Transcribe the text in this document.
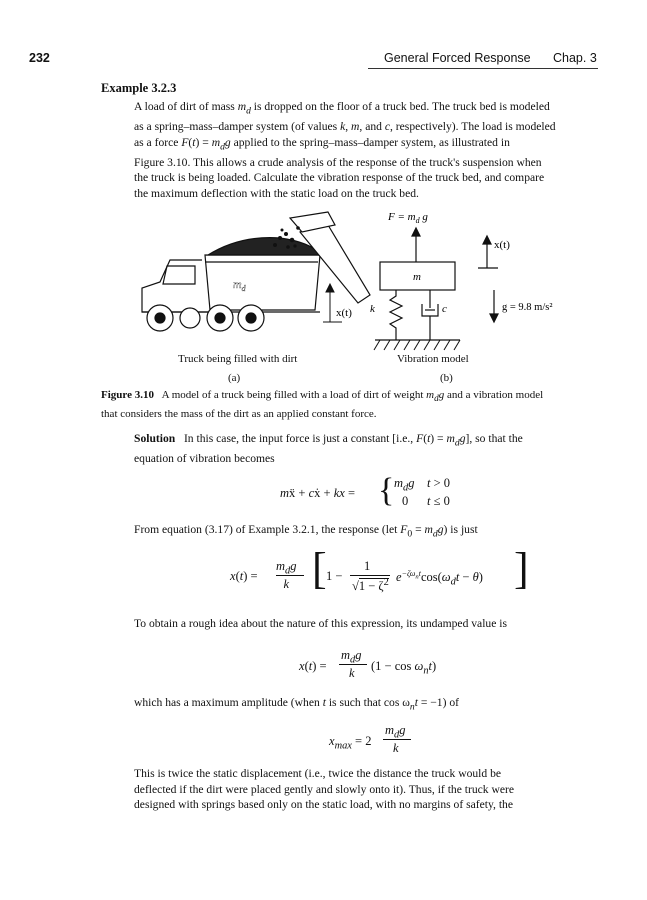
232	General Forced Response Chap. 3
Example 3.2.3
A load of dirt of mass $m_d$ is dropped on the floor of a truck bed. The truck bed is modeled
as a spring–mass–damper system (of values k, m, and c, respectively). The load is modeled
as a force $F(t) = m_dg$ applied to the spring–mass–damper system, as illustrated in
Figure 3.10. This allows a crude analysis of the response of the truck's suspension when
the truck is being loaded. Calculate the vibration response of the truck bed, and compare
the maximum deflection with the static load on the truck bed.
x(t)
$m_d$
$F = m_d$ g
m
k	c
x(t)
g = 9.8 m/s²
Truck being filled with dirt
(a)
Vibration model
(b)
Figure 3.10   A model of a truck being filled with a load of dirt of weight $m_dg$ and a vibration model
that considers the mass of the dirt as an applied constant force.
Solution   In this case, the input force is just a constant [i.e., $F(t) = m_dg$], so that the
equation of vibration becomes
mẍ + cẋ + kx = { $m_dg$    t > 0
0      t ≤ 0
From equation (3.17) of Example 3.2.1, the response (let $F_0 = m_dg$) is just
x(t) =
$m_dg$
k [ 1 −
1
$√1 - \zeta^2$ $e^{-\zeta\omega_nt}\cos(\omega_dt - \theta)$ ]
To obtain a rough idea about the nature of this expression, its undamped value is
x(t) =
$m_dg$
k $(1 - \cos \omega_nt)$
which has a maximum amplitude (when t is such that $\cos \omega_nt = -1$) of
$x_{max} = 2$
$m_dg$
k
This is twice the static displacement (i.e., twice the distance the truck would be
deflected if the dirt were placed gently and slowly onto it). Thus, if the truck were
designed with springs based only on the static load, with no margins of safety, the
